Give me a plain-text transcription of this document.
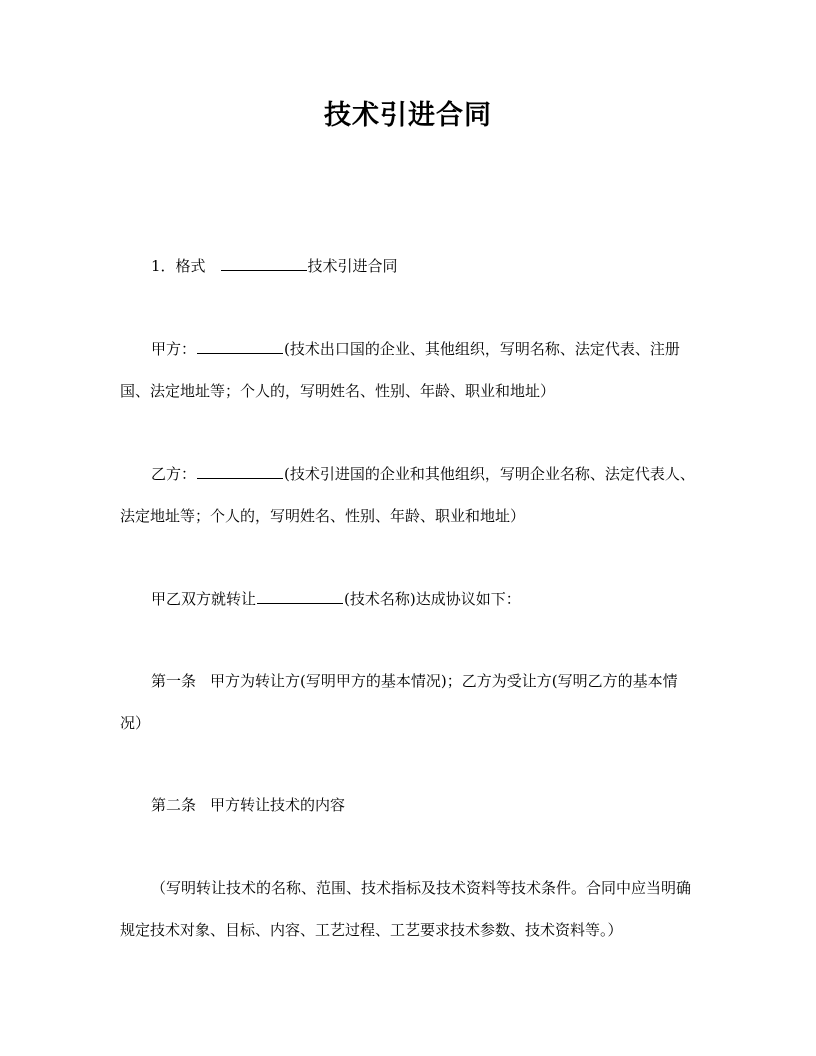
技术引进合同

1．格式	技术引进合同

甲方：	(技术出口国的企业、其他组织，写明名称、法定代表、注册国、法定地址等；个人的，写明姓名、性别、年龄、职业和地址）

乙方：	(技术引进国的企业和其他组织，写明企业名称、法定代表人、法定地址等；个人的，写明姓名、性别、年龄、职业和地址）

甲乙双方就转让	(技术名称)达成协议如下：

第一条 甲方为转让方(写明甲方的基本情况)；乙方为受让方(写明乙方的基本情况）

第二条 甲方转让技术的内容

（写明转让技术的名称、范围、技术指标及技术资料等技术条件。合同中应当明确规定技术对象、目标、内容、工艺过程、工艺要求技术参数、技术资料等。）
